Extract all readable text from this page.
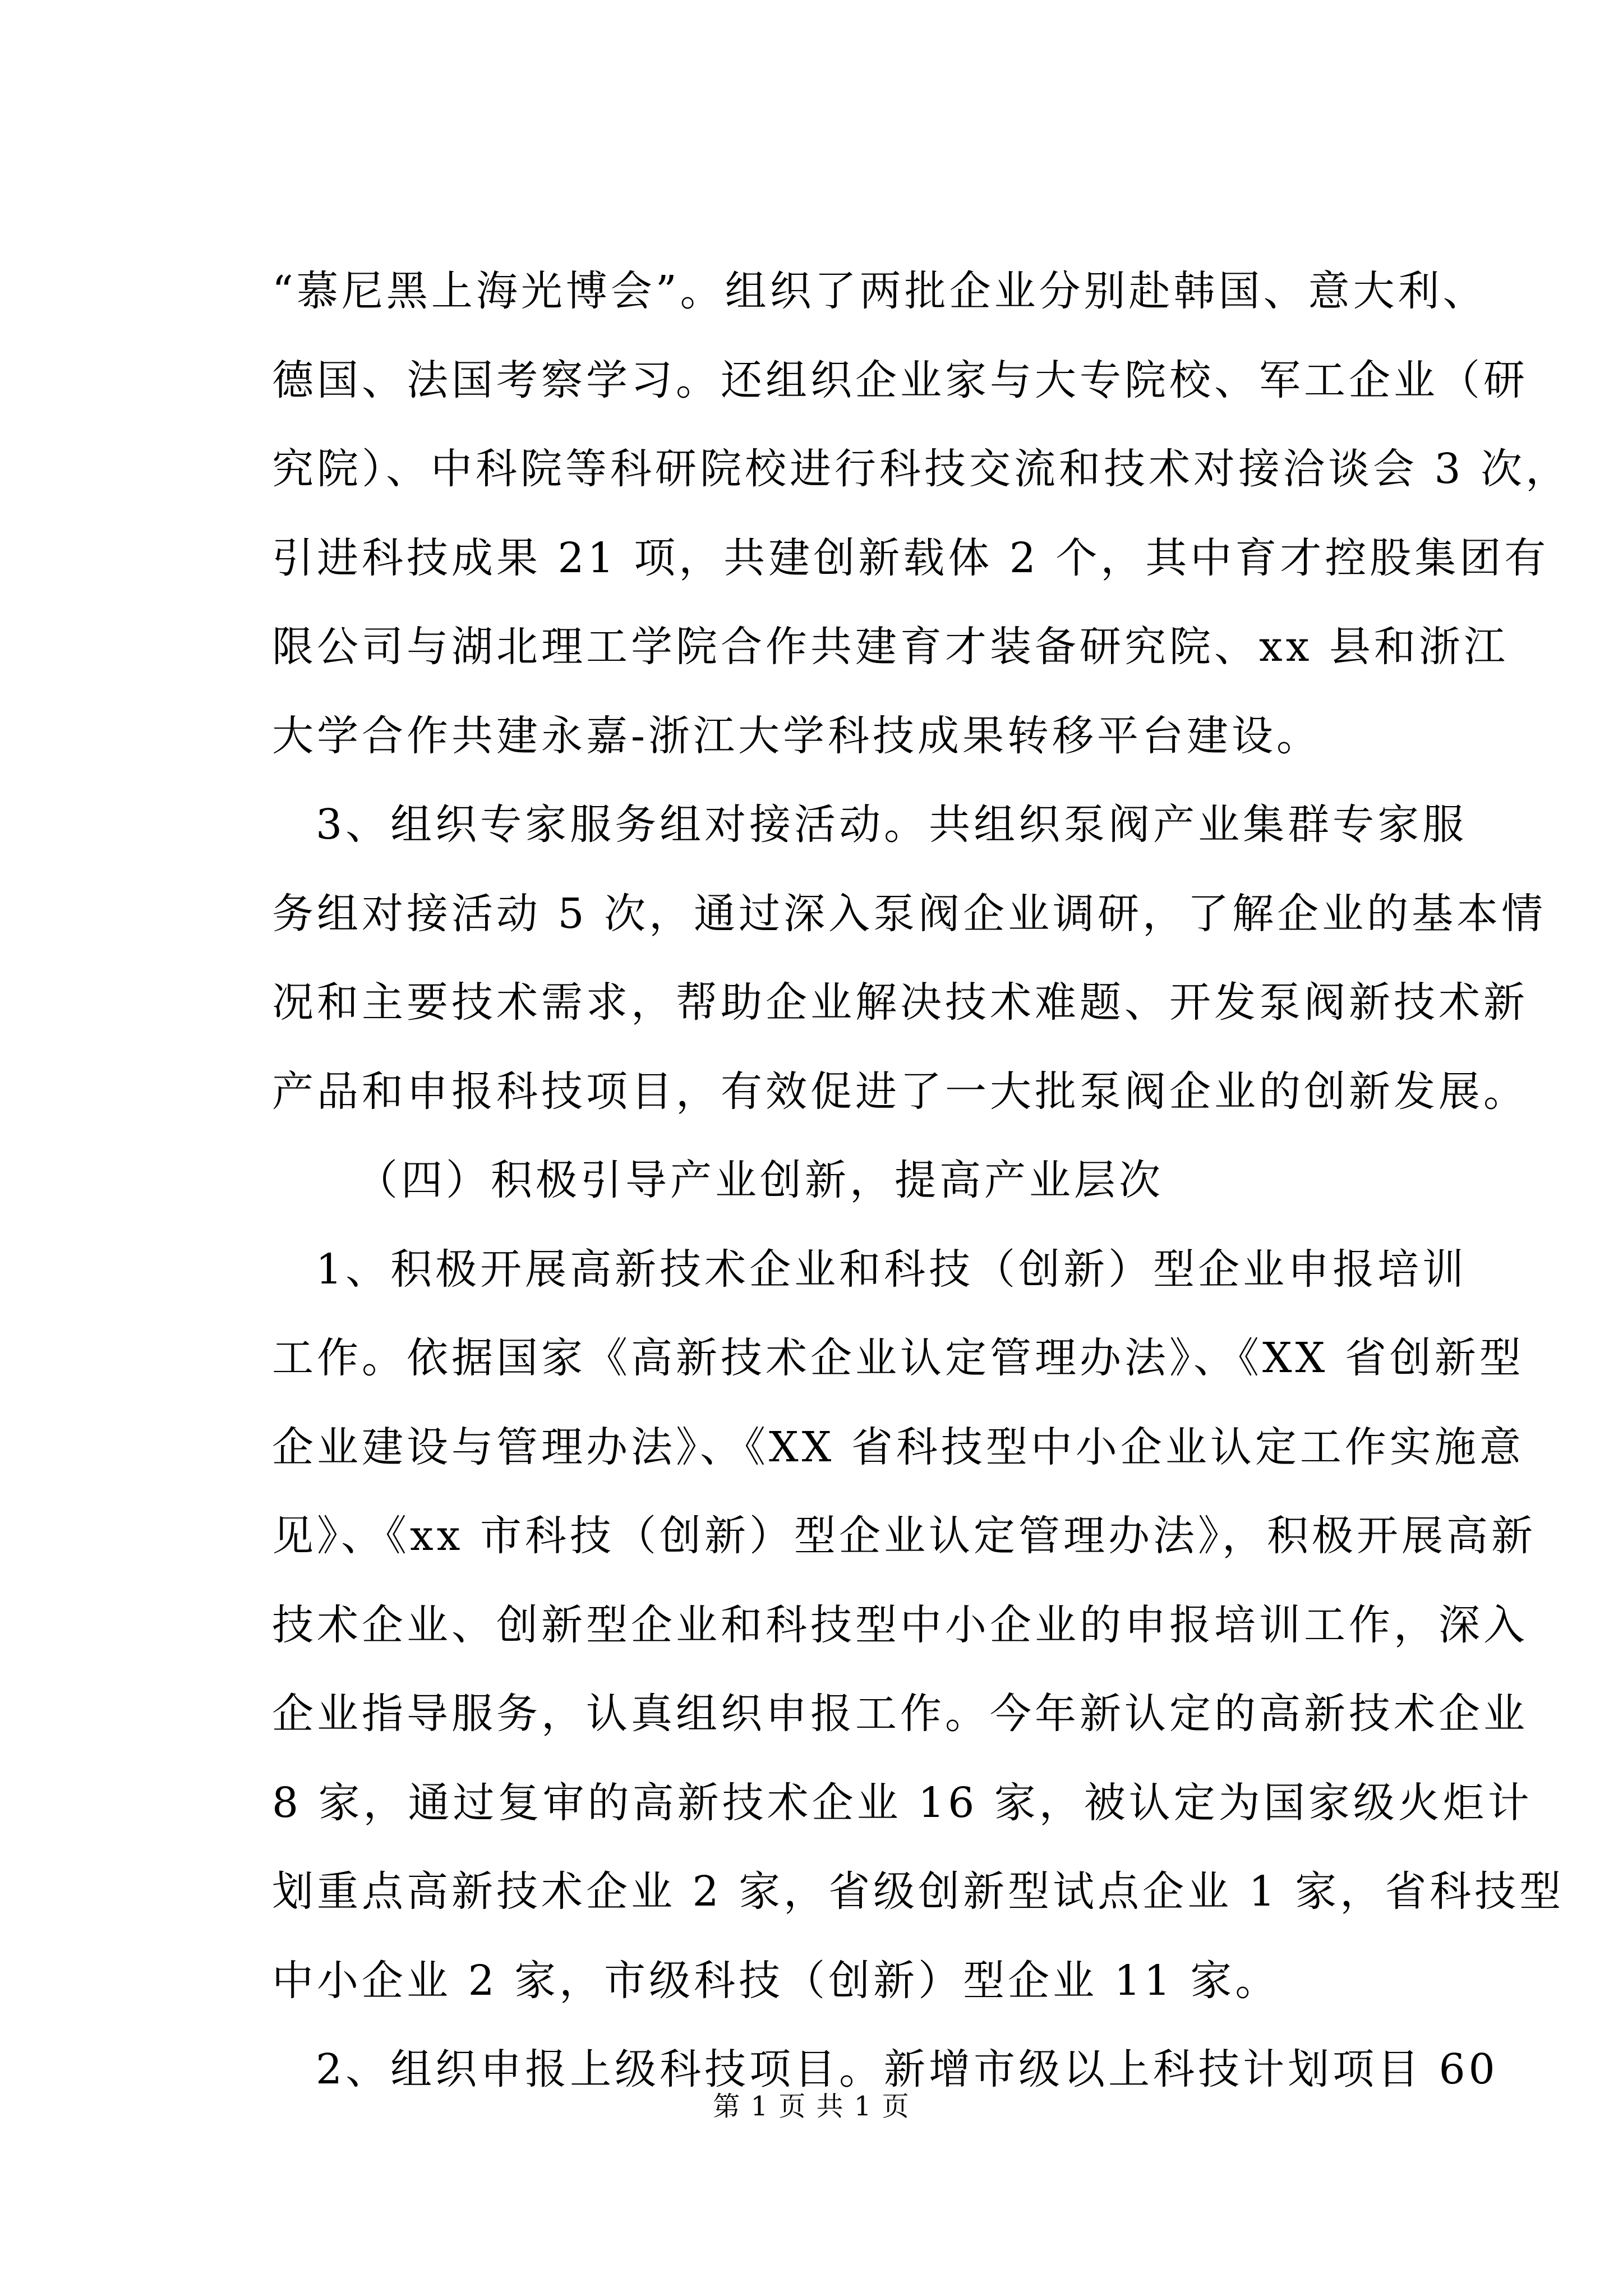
“慕尼黑上海光博会”。组织了两批企业分别赴韩国、意大利、
德国、法国考察学习。还组织企业家与大专院校、军工企业（研
究院）、中科院等科研院校进行科技交流和技术对接洽谈会 3 次，
引进科技成果 21 项，共建创新载体 2 个，其中育才控股集团有
限公司与湖北理工学院合作共建育才装备研究院、xx 县和浙江
大学合作共建永嘉-浙江大学科技成果转移平台建设。
3、组织专家服务组对接活动。共组织泵阀产业集群专家服
务组对接活动 5 次，通过深入泵阀企业调研，了解企业的基本情
况和主要技术需求，帮助企业解决技术难题、开发泵阀新技术新
产品和申报科技项目，有效促进了一大批泵阀企业的创新发展。
（四）积极引导产业创新，提高产业层次
1、积极开展高新技术企业和科技（创新）型企业申报培训
工作。依据国家《高新技术企业认定管理办法》、《XX 省创新型
企业建设与管理办法》、《XX 省科技型中小企业认定工作实施意
见》、《xx 市科技（创新）型企业认定管理办法》，积极开展高新
技术企业、创新型企业和科技型中小企业的申报培训工作，深入
企业指导服务，认真组织申报工作。今年新认定的高新技术企业
8 家，通过复审的高新技术企业 16 家，被认定为国家级火炬计
划重点高新技术企业 2 家，省级创新型试点企业 1 家，省科技型
中小企业 2 家，市级科技（创新）型企业 11 家。
2、组织申报上级科技项目。新增市级以上科技计划项目 60
第 1 页 共 1 页
